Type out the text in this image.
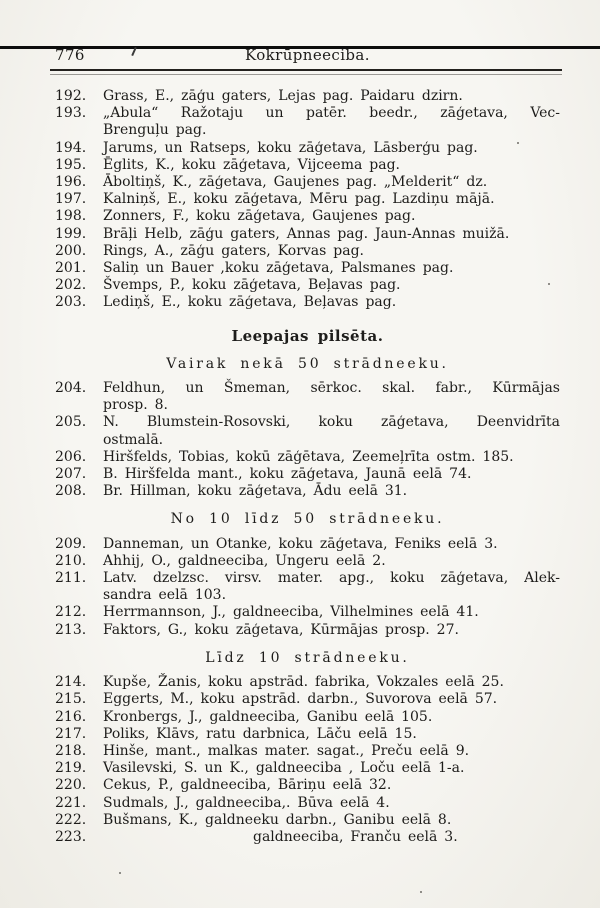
776	Kokrūpneeciba.
192.	Grass, E., zāģu gaters, Lejas pag. Paidaru dzirn.
193.	„Abula“ Ražotaju un patēr. beedr., zāģetava, Vec-
Brenguļu pag.
194.	Jarums, un Ratseps, koku zāģetava, Lāsberģu pag.
195.	Ēglits, K., koku zāģetava, Vijceema pag.
196.	Āboltiņš, K., zāģetava, Gaujenes pag. „Melderit“ dz.
197.	Kalniņš, E., koku zāģetava, Mēru pag. Lazdiņu mājā.
198.	Zonners, F., koku zāģetava, Gaujenes pag.
199.	Brāļi Helb, zāģu gaters, Annas pag. Jaun-Annas muižā.
200.	Rings, A., zāģu gaters, Korvas pag.
201.	Saliņ un Bauer ,koku zāģetava, Palsmanes pag.
202.	Švemps, P., koku zāģetava, Beļavas pag.
203.	Lediņš, E., koku zāģetava, Beļavas pag.
Leepajas pilsēta.
Vairak nekā 50 strādneeku.
204.	Feldhun, un Šmeman, sērkoc. skal. fabr., Kūrmājas
prosp. 8.
205.	N. Blumstein-Rosovski, koku zāģetava, Deenvidrīta
ostmalā.
206.	Hiršfelds, Tobias, kokū zāģētava, Zeemeļrīta ostm. 185.
207.	B. Hiršfelda mant., koku zāģetava, Jaunā eelā 74.
208.	Br. Hillman, koku zāģetava, Ādu eelā 31.
No 10 līdz 50 strādneeku.
209.	Danneman, un Otanke, koku zāģetava, Feniks eelā 3.
210.	Ahhij, O., galdneeciba, Ungeru eelā 2.
211.	Latv. dzelzsc. virsv. mater. apg., koku zāģetava, Alek-
sandra eelā 103.
212.	Herrmannson, J., galdneeciba, Vilhelmines eelā 41.
213.	Faktors, G., koku zāģetava, Kūrmājas prosp. 27.
Līdz 10 strādneeku.
214.	Kupše, Žanis, koku apstrād. fabrika, Vokzales eelā 25.
215.	Eggerts, M., koku apstrād. darbn., Suvorova eelā 57.
216.	Kronbergs, J., galdneeciba, Ganibu eelā 105.
217.	Poliks, Klāvs, ratu darbnica, Lāču eelā 15.
218.	Hinše, mant., malkas mater. sagat., Preču eelā 9.
219.	Vasilevski, S. un K., galdneeciba , Loču eelā 1-a.
220.	Cekus, P., galdneeciba, Bāriņu eelā 32.
221.	Sudmals, J., galdneeciba,. Būva eelā 4.
222.	Bušmans, K., galdneeku darbn., Ganibu eelā 8.
223.	galdneeciba, Franču eelā 3.
